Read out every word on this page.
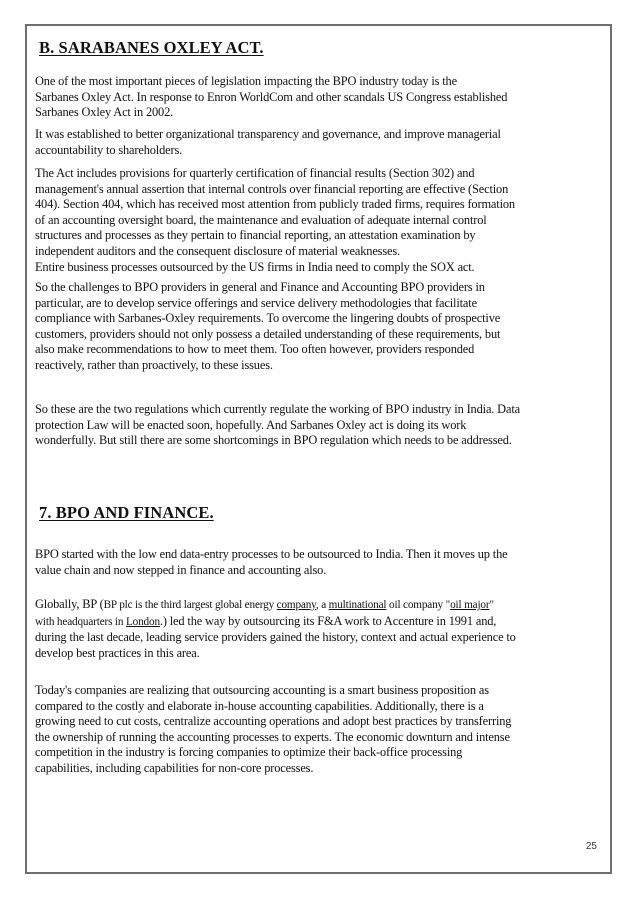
B. SARABANES OXLEY ACT.
One of the most important pieces of legislation impacting the BPO industry today is the
Sarbanes Oxley Act. In response to Enron WorldCom and other scandals US Congress established
Sarbanes Oxley Act in 2002.
It was established to better organizational transparency and governance, and improve managerial
accountability to shareholders.
The Act includes provisions for quarterly certification of financial results (Section 302) and
management's annual assertion that internal controls over financial reporting are effective (Section
404). Section 404, which has received most attention from publicly traded firms, requires formation
of an accounting oversight board, the maintenance and evaluation of adequate internal control
structures and processes as they pertain to financial reporting, an attestation examination by
independent auditors and the consequent disclosure of material weaknesses.
Entire business processes outsourced by the US firms in India need to comply the SOX act.
So the challenges to BPO providers in general and Finance and Accounting BPO providers in
particular, are to develop service offerings and service delivery methodologies that facilitate
compliance with Sarbanes-Oxley requirements. To overcome the lingering doubts of prospective
customers, providers should not only possess a detailed understanding of these requirements, but
also make recommendations to how to meet them. Too often however, providers responded
reactively, rather than proactively, to these issues.
So these are the two regulations which currently regulate the working of BPO industry in India. Data
protection Law will be enacted soon, hopefully. And Sarbanes Oxley act is doing its work
wonderfully. But still there are some shortcomings in BPO regulation which needs to be addressed.
7. BPO AND FINANCE.
BPO started with the low end data-entry processes to be outsourced to India. Then it moves up the
value chain and now stepped in finance and accounting also.
Globally, BP (BP plc is the third largest global energy company, a multinational oil company "oil major"
with headquarters in London.) led the way by outsourcing its F&A work to Accenture in 1991 and,
during the last decade, leading service providers gained the history, context and actual experience to
develop best practices in this area.
Today's companies are realizing that outsourcing accounting is a smart business proposition as
compared to the costly and elaborate in-house accounting capabilities. Additionally, there is a
growing need to cut costs, centralize accounting operations and adopt best practices by transferring
the ownership of running the accounting processes to experts. The economic downturn and intense
competition in the industry is forcing companies to optimize their back-office processing
capabilities, including capabilities for non-core processes.
25
